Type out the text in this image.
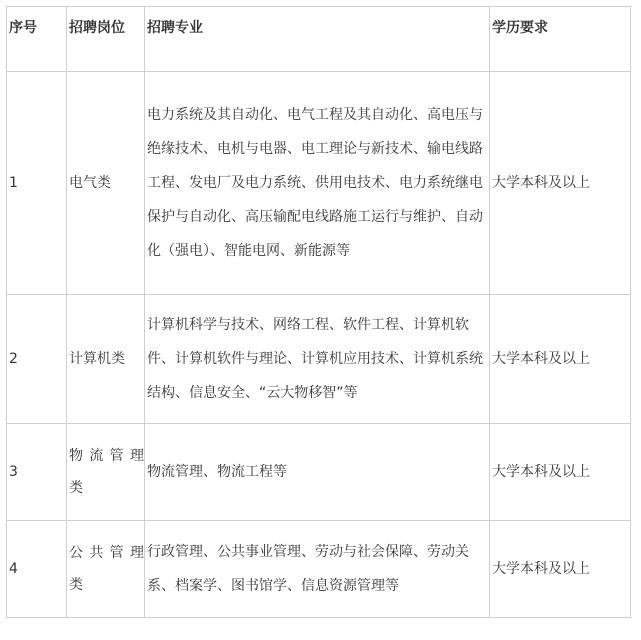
序号	招聘岗位	招聘专业	学历要求
1	电气类	电力系统及其自动化、电气工程及其自动化、高电压与绝缘技术、电机与电器、电工理论与新技术、输电线路工程、发电厂及电力系统、供用电技术、电力系统继电保护与自动化、高压输配电线路施工运行与维护、自动化（强电）、智能电网、新能源等	大学本科及以上
2	计算机类	计算机科学与技术、网络工程、软件工程、计算机软件、计算机软件与理论、计算机应用技术、计算机系统结构、信息安全、“云大物移智”等	大学本科及以上
3	物 流 管 理 类	物流管理、物流工程等	大学本科及以上
4	公 共 管 理 类	行政管理、公共事业管理、劳动与社会保障、劳动关系、档案学、图书馆学、信息资源管理等	大学本科及以上
